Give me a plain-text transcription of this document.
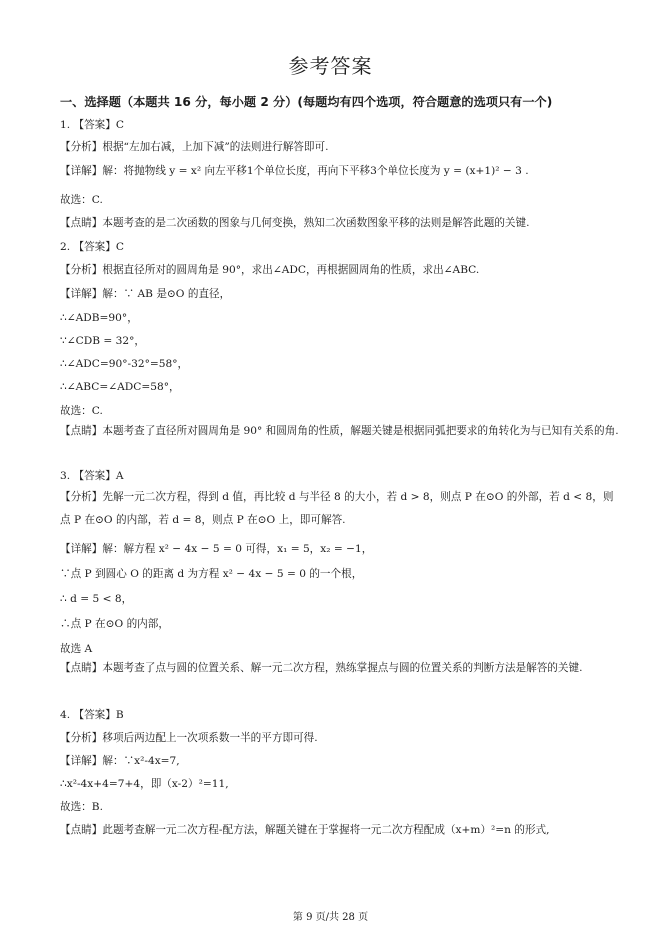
参考答案
一、选择题（本题共 16 分，每小题 2 分）(每题均有四个选项，符合题意的选项只有一个)
1. 【答案】C
【分析】根据“左加右减，上加下减”的法则进行解答即可.
【详解】解：将抛物线 y = x² 向左平移1个单位长度，再向下平移3个单位长度为 y = (x+1)² − 3 .
故选：C.
【点睛】本题考查的是二次函数的图象与几何变换，熟知二次函数图象平移的法则是解答此题的关键.
2. 【答案】C
【分析】根据直径所对的圆周角是 90°，求出∠ADC，再根据圆周角的性质，求出∠ABC.
【详解】解：∵ AB 是⊙O 的直径，
∴∠ADB=90°，
∵∠CDB = 32°，
∴∠ADC=90°-32°=58°，
∴∠ABC=∠ADC=58°，
故选：C.
【点睛】本题考查了直径所对圆周角是 90° 和圆周角的性质，解题关键是根据同弧把要求的角转化为与已知有关系的角.
3. 【答案】A
【分析】先解一元二次方程，得到 d 值，再比较 d 与半径 8 的大小，若 d > 8，则点 P 在⊙O 的外部，若 d < 8，则点 P 在⊙O 的内部，若 d = 8，则点 P 在⊙O 上，即可解答.
【详解】解：解方程 x² − 4x − 5 = 0 可得，x₁ = 5，x₂ = −1，
∵点 P 到圆心 O 的距离 d 为方程 x² − 4x − 5 = 0 的一个根，
∴ d = 5 < 8，
∴点 P 在⊙O 的内部，
故选 A
【点睛】本题考查了点与圆的位置关系、解一元二次方程，熟练掌握点与圆的位置关系的判断方法是解答的关键.
4. 【答案】B
【分析】移项后两边配上一次项系数一半的平方即可得.
【详解】解：∵x²-4x=7,
∴x²-4x+4=7+4，即（x-2）²=11,
故选：B.
【点睛】此题考查解一元二次方程-配方法，解题关键在于掌握将一元二次方程配成（x+m）²=n 的形式,
第 9 页/共 28 页
